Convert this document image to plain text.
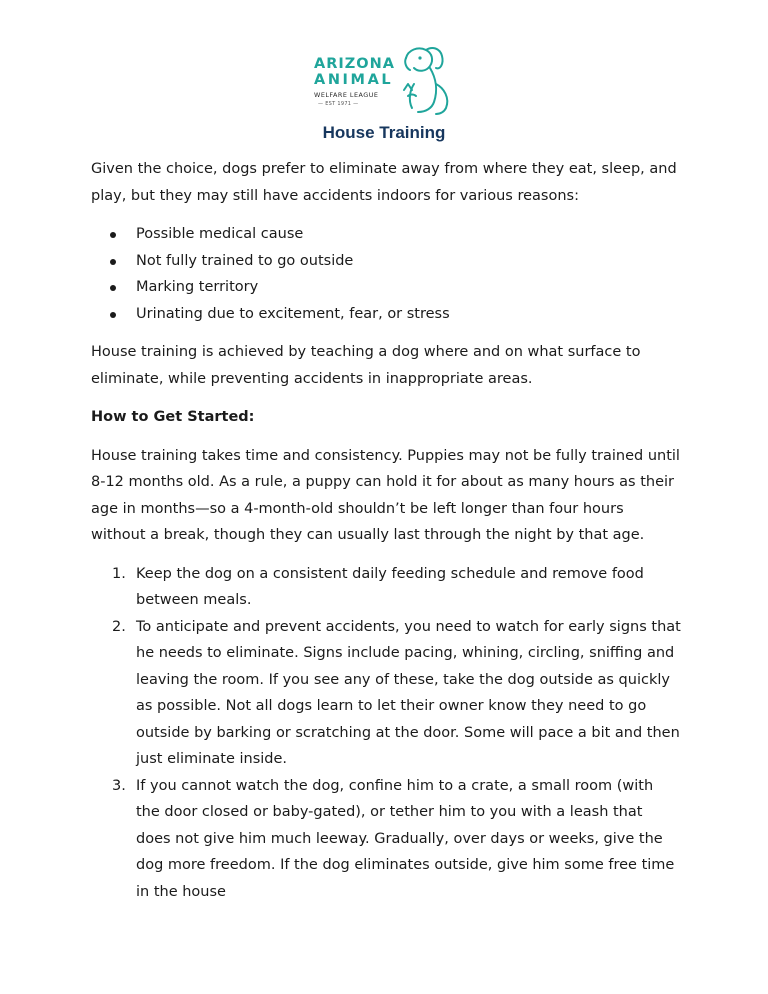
ARIZONA
ANIMAL
WELFARE LEAGUE
— EST 1971 —
House Training

Given the choice, dogs prefer to eliminate away from where they eat, sleep, and play, but they may still have accidents indoors for various reasons:

Possible medical cause
Not fully trained to go outside
Marking territory
Urinating due to excitement, fear, or stress

House training is achieved by teaching a dog where and on what surface to eliminate, while preventing accidents in inappropriate areas.

How to Get Started:

House training takes time and consistency. Puppies may not be fully trained until 8-12 months old. As a rule, a puppy can hold it for about as many hours as their age in months—so a 4-month-old shouldn’t be left longer than four hours without a break, though they can usually last through the night by that age.

1. Keep the dog on a consistent daily feeding schedule and remove food between meals.
2. To anticipate and prevent accidents, you need to watch for early signs that he needs to eliminate. Signs include pacing, whining, circling, sniffing and leaving the room. If you see any of these, take the dog outside as quickly as possible. Not all dogs learn to let their owner know they need to go outside by barking or scratching at the door. Some will pace a bit and then just eliminate inside.
3. If you cannot watch the dog, confine him to a crate, a small room (with the door closed or baby-gated), or tether him to you with a leash that does not give him much leeway. Gradually, over days or weeks, give the dog more freedom. If the dog eliminates outside, give him some free time in the house
